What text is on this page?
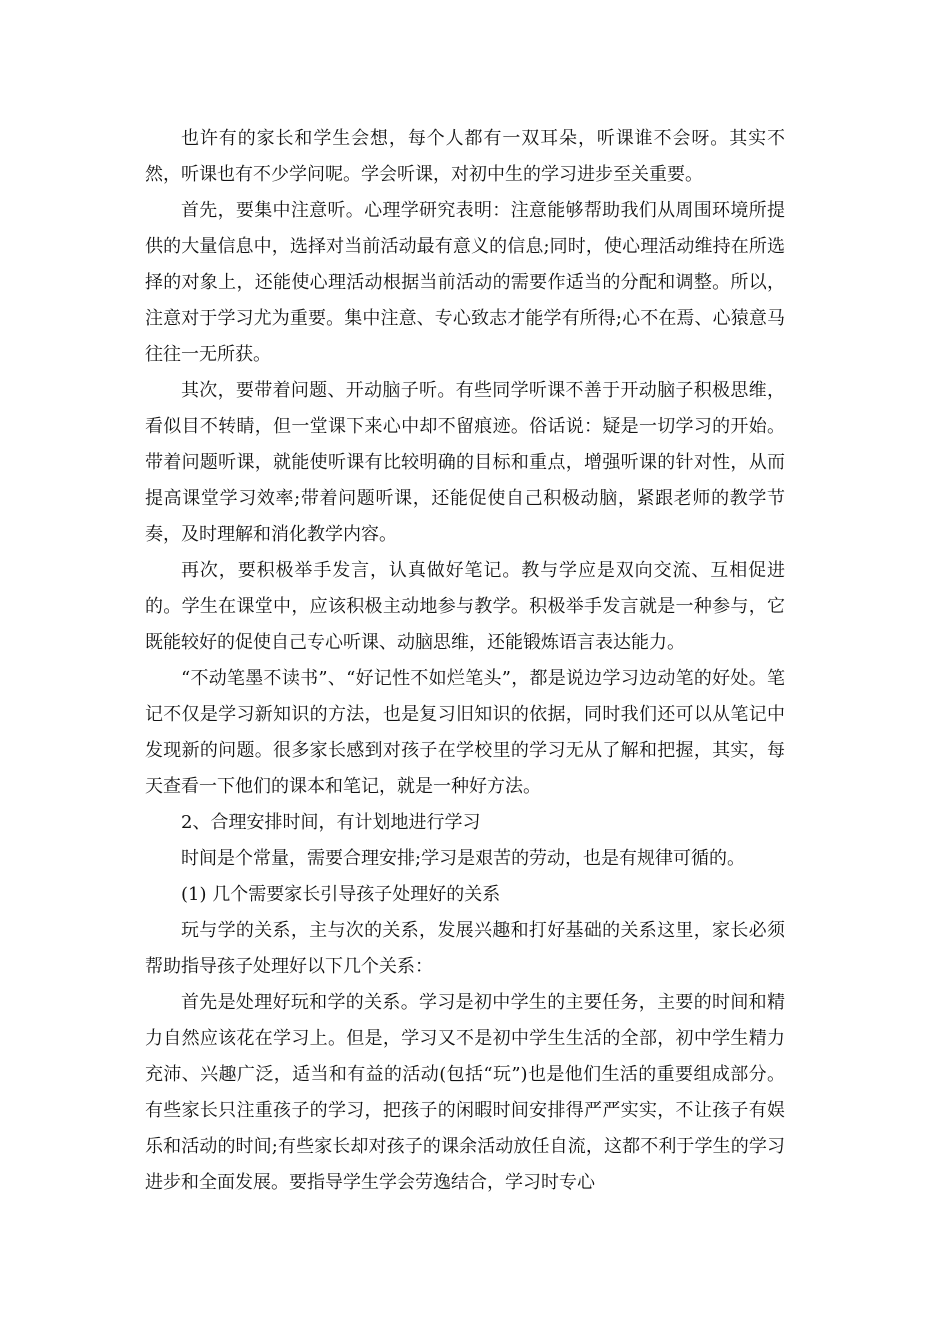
也许有的家长和学生会想，每个人都有一双耳朵，听课谁不会呀。其实不然，听课也有不少学问呢。学会听课，对初中生的学习进步至关重要。

首先，要集中注意听。心理学研究表明：注意能够帮助我们从周围环境所提供的大量信息中，选择对当前活动最有意义的信息;同时，使心理活动维持在所选择的对象上，还能使心理活动根据当前活动的需要作适当的分配和调整。所以，注意对于学习尤为重要。集中注意、专心致志才能学有所得;心不在焉、心猿意马往往一无所获。

其次，要带着问题、开动脑子听。有些同学听课不善于开动脑子积极思维，看似目不转睛，但一堂课下来心中却不留痕迹。俗话说：疑是一切学习的开始。带着问题听课，就能使听课有比较明确的目标和重点，增强听课的针对性，从而提高课堂学习效率;带着问题听课，还能促使自己积极动脑，紧跟老师的教学节奏，及时理解和消化教学内容。

再次，要积极举手发言，认真做好笔记。教与学应是双向交流、互相促进的。学生在课堂中，应该积极主动地参与教学。积极举手发言就是一种参与，它既能较好的促使自己专心听课、动脑思维，还能锻炼语言表达能力。

“不动笔墨不读书”、“好记性不如烂笔头”，都是说边学习边动笔的好处。笔记不仅是学习新知识的方法，也是复习旧知识的依据，同时我们还可以从笔记中发现新的问题。很多家长感到对孩子在学校里的学习无从了解和把握，其实，每天查看一下他们的课本和笔记，就是一种好方法。

2、合理安排时间，有计划地进行学习

时间是个常量，需要合理安排;学习是艰苦的劳动，也是有规律可循的。

(1) 几个需要家长引导孩子处理好的关系

玩与学的关系，主与次的关系，发展兴趣和打好基础的关系这里，家长必须帮助指导孩子处理好以下几个关系：

首先是处理好玩和学的关系。学习是初中学生的主要任务，主要的时间和精力自然应该花在学习上。但是，学习又不是初中学生生活的全部，初中学生精力充沛、兴趣广泛，适当和有益的活动(包括“玩”)也是他们生活的重要组成部分。有些家长只注重孩子的学习，把孩子的闲暇时间安排得严严实实，不让孩子有娱乐和活动的时间;有些家长却对孩子的课余活动放任自流，这都不利于学生的学习进步和全面发展。要指导学生学会劳逸结合，学习时专心
